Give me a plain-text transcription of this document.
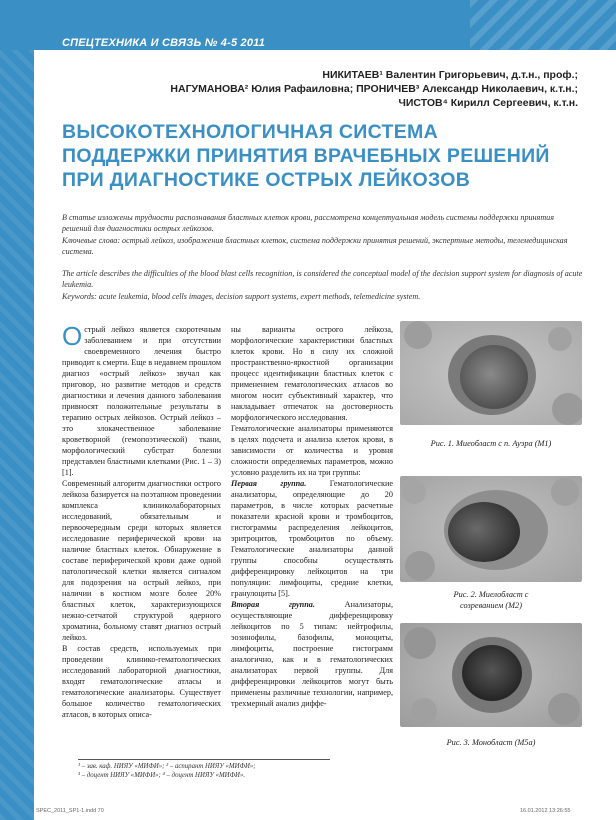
СПЕЦТЕХНИКА И СВЯЗЬ № 4-5 2011
70
НИКИТАЕВ¹ Валентин Григорьевич, д.т.н., проф.;
НАГУМАНОВА² Юлия Рафаиловна; ПРОНИЧЕВ³ Александр Николаевич, к.т.н.;
ЧИСТОВ⁴ Кирилл Сергеевич, к.т.н.
ВЫСОКОТЕХНОЛОГИЧНАЯ СИСТЕМА
ПОДДЕРЖКИ ПРИНЯТИЯ ВРАЧЕБНЫХ РЕШЕНИЙ
ПРИ ДИАГНОСТИКЕ ОСТРЫХ ЛЕЙКОЗОВ
В статье изложены трудности распознавания бластных клеток крови, рассмотрена концептуальная модель системы поддержки принятия решений для диагностики острых лейкозов.
Ключевые слова: острый лейкоз, изображения бластных клеток, система поддержки принятия решений, экспертные методы, телемедицинская система.
The article describes the difficulties of the blood blast cells recognition, is considered the conceptual model of the decision support system for diagnosis of acute leukemia.
Keywords: acute leukemia, blood cells images, decision support systems, expert methods, telemedicine system.

Острый лейкоз является скоротечным заболеванием и при отсутствии своевременного лечения быстро приводит к смерти. Еще в недавнем прошлом диагноз «острый лейкоз» звучал как приговор, но развитие методов и средств диагностики и лечения данного заболевания привносят положительные результаты в терапию острых лейкозов. Острый лейкоз – это злокачественное заболевание кроветворной (гемопоэтической) ткани, морфологический субстрат болезни представлен бластными клетками (Рис. 1 – 3) [1].

Современный алгоритм диагностики острого лейкоза базируется на поэтапном проведении комплекса клиниколабораторных исследований, обязательным и первоочередным среди которых является исследование периферической крови на наличие бластных клеток. Обнаружение в составе периферической крови даже одной патологической клетки является сигналом для подозрения на острый лейкоз, при наличии в костном мозге более 20% бластных клеток, характеризующихся нежно-сетчатой структурой ядерного хроматина, больному ставят диагноз острый лейкоз.

В состав средств, используемых при проведении клинико-гематологических исследований лабораторной диагностики, входят гематологические атласы и гематологические анализаторы. Существует большое количество гематологических атласов, в которых описа-

ны варианты острого лейкоза, морфологические характеристики бластных клеток крови. Но в силу их сложной пространственно-яркостной организации процесс идентификации бластных клеток с применением гематологических атласов во многом носит субъективный характер, что накладывает отпечаток на достоверность морфологического исследования.

Гематологические анализаторы применяются в целях подсчета и анализа клеток крови, в зависимости от количества и уровня сложности определяемых параметров, можно условно разделить их на три группы:

Первая группа. Гематологические анализаторы, определяющие до 20 параметров, в числе которых расчетные показатели красной крови и тромбоцитов, гистограммы распределения лейкоцитов, эритроцитов, тромбоцитов по объему. Гематологические анализаторы данной группы способны осуществлять дифференцировку лейкоцитов на три популяции: лимфоциты, средние клетки, гранулоциты [5].

Вторая группа. Анализаторы, осуществляющие дифференцировку лейкоцитов по 5 типам: нейтрофилы, эозинофилы, базофилы, моноциты, лимфоциты, построение гистограмм аналогично, как и в гематологических анализаторах первой группы. Для дифференцировки лейкоцитов могут быть применены различные технологии, например, трехмерный анализ диффе-

Рис. 1. Миеобласт с п. Ауэра (М1)
Рис. 2. Миелобласт с созреванием (М2)
Рис. 3. Монобласт (М5а)
¹ – зав. каф. НИЯУ «МИФИ»; ² – аспирант НИЯУ «МИФИ»;
³ – доцент НИЯУ «МИФИ»; ⁴ – доцент НИЯУ «МИФИ».
SPEC_2011_SP1-1.indd 70	16.01.2012 13:26:55
